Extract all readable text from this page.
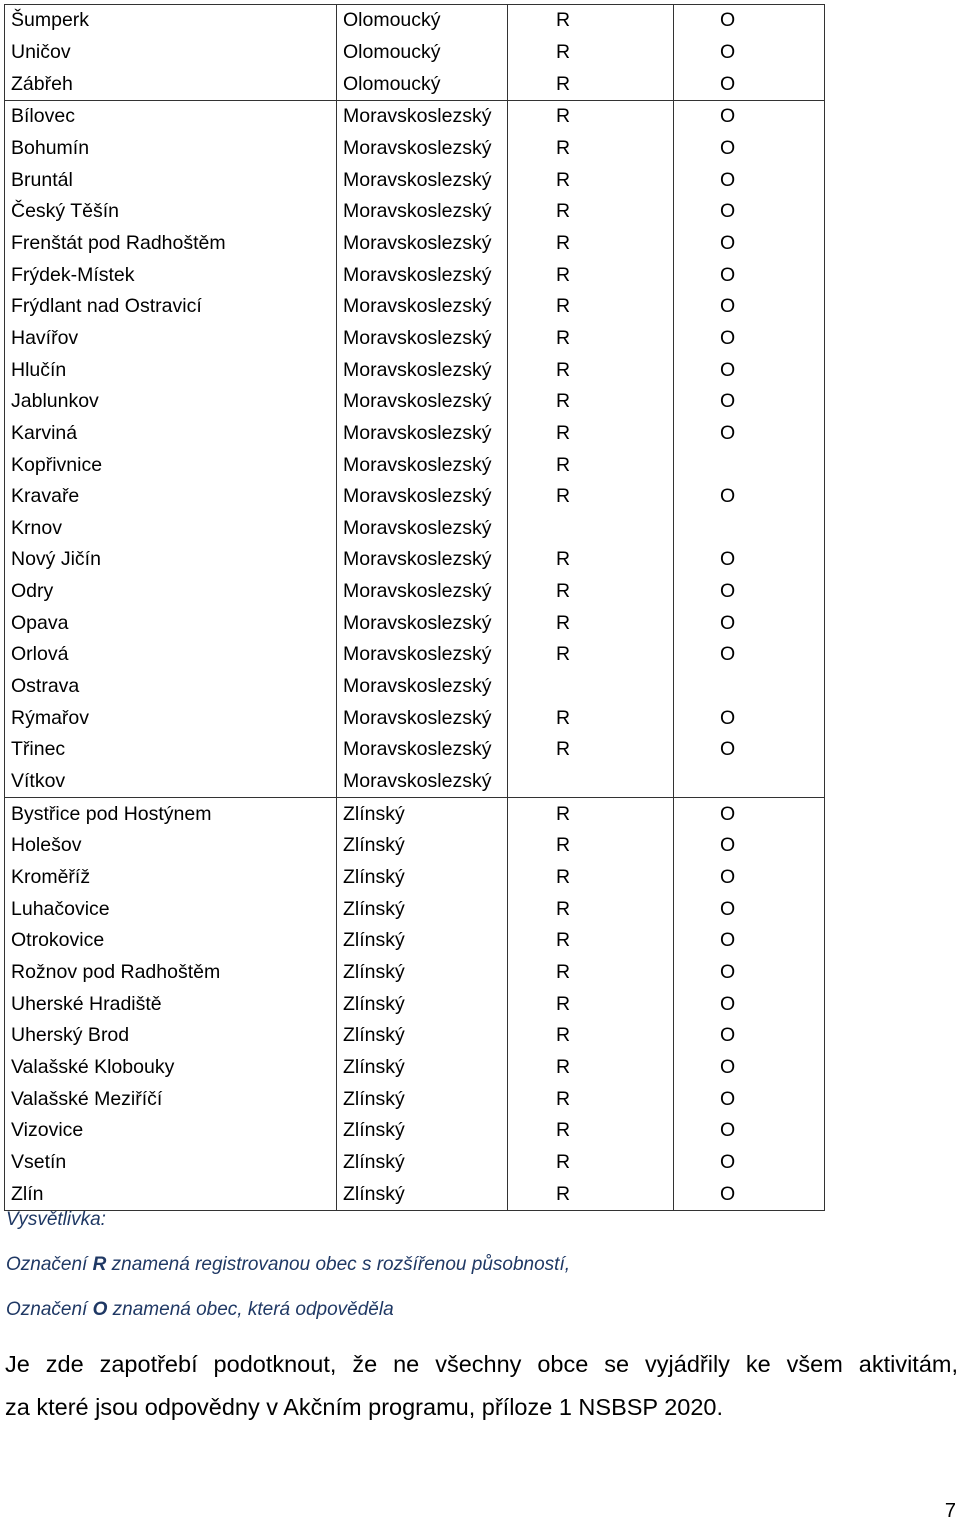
Šumperk	Olomoucký	R	O
Uničov	Olomoucký	R	O
Zábřeh	Olomoucký	R	O
Bílovec	Moravskoslezský	R	O
Bohumín	Moravskoslezský	R	O
Bruntál	Moravskoslezský	R	O
Český Těšín	Moravskoslezský	R	O
Frenštát pod Radhoštěm	Moravskoslezský	R	O
Frýdek-Místek	Moravskoslezský	R	O
Frýdlant nad Ostravicí	Moravskoslezský	R	O
Havířov	Moravskoslezský	R	O
Hlučín	Moravskoslezský	R	O
Jablunkov	Moravskoslezský	R	O
Karviná	Moravskoslezský	R	O
Kopřivnice	Moravskoslezský	R	
Kravaře	Moravskoslezský	R	O
Krnov	Moravskoslezský		
Nový Jičín	Moravskoslezský	R	O
Odry	Moravskoslezský	R	O
Opava	Moravskoslezský	R	O
Orlová	Moravskoslezský	R	O
Ostrava	Moravskoslezský		
Rýmařov	Moravskoslezský	R	O
Třinec	Moravskoslezský	R	O
Vítkov	Moravskoslezský		
Bystřice pod Hostýnem	Zlínský	R	O
Holešov	Zlínský	R	O
Kroměříž	Zlínský	R	O
Luhačovice	Zlínský	R	O
Otrokovice	Zlínský	R	O
Rožnov pod Radhoštěm	Zlínský	R	O
Uherské Hradiště	Zlínský	R	O
Uherský Brod	Zlínský	R	O
Valašské Klobouky	Zlínský	R	O
Valašské Meziříčí	Zlínský	R	O
Vizovice	Zlínský	R	O
Vsetín	Zlínský	R	O
Zlín	Zlínský	R	O
Vysvětlivka:
Označení R znamená registrovanou obec s rozšířenou působností,
Označení O znamená obec, která odpověděla
Je zde zapotřebí podotknout, že ne všechny obce se vyjádřily ke všem aktivitám,
za které jsou odpovědny v Akčním programu, příloze 1 NSBSP 2020.
7
